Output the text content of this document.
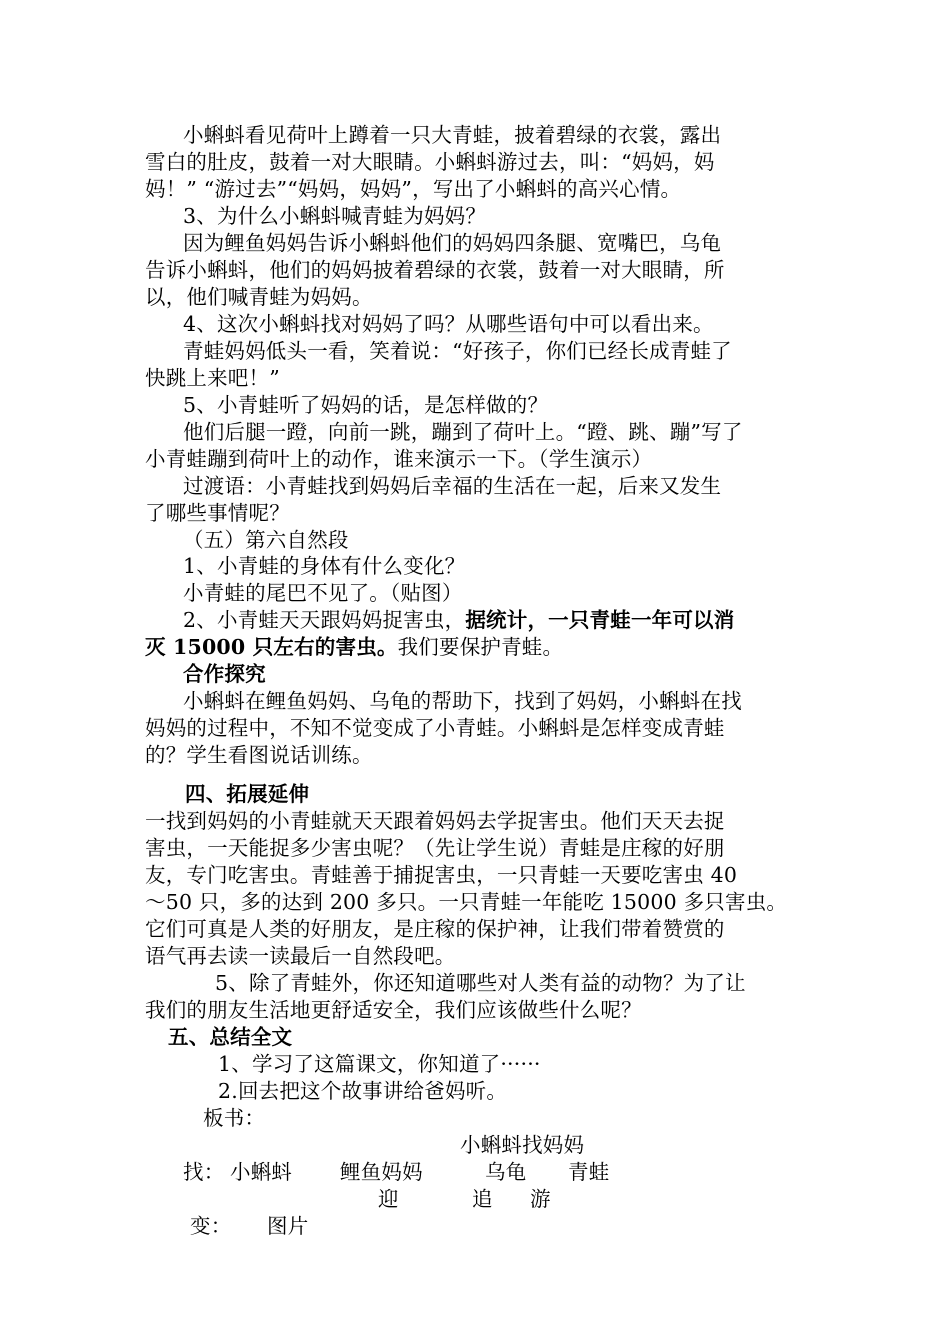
小蝌蚪看见荷叶上蹲着一只大青蛙，披着碧绿的衣裳，露出
雪白的肚皮，鼓着一对大眼睛。小蝌蚪游过去，叫：“妈妈，妈
妈！” “游过去”“妈妈，妈妈”，写出了小蝌蚪的高兴心情。
3、为什么小蝌蚪喊青蛙为妈妈？
因为鲤鱼妈妈告诉小蝌蚪他们的妈妈四条腿、宽嘴巴，乌龟
告诉小蝌蚪，他们的妈妈披着碧绿的衣裳，鼓着一对大眼睛，所
以，他们喊青蛙为妈妈。
4、这次小蝌蚪找对妈妈了吗？从哪些语句中可以看出来。
青蛙妈妈低头一看，笑着说：“好孩子，你们已经长成青蛙了
快跳上来吧！”
5、小青蛙听了妈妈的话，是怎样做的？
他们后腿一蹬，向前一跳，蹦到了荷叶上。“蹬、跳、蹦”写了
小青蛙蹦到荷叶上的动作，谁来演示一下。（学生演示）
过渡语：小青蛙找到妈妈后幸福的生活在一起，后来又发生
了哪些事情呢？
（五）第六自然段
1、小青蛙的身体有什么变化？
小青蛙的尾巴不见了。（贴图）
2、小青蛙天天跟妈妈捉害虫，据统计，一只青蛙一年可以消
灭 15000 只左右的害虫。我们要保护青蛙。
合作探究
小蝌蚪在鲤鱼妈妈、乌龟的帮助下，找到了妈妈，小蝌蚪在找
妈妈的过程中，不知不觉变成了小青蛙。小蝌蚪是怎样变成青蛙
的？学生看图说话训练。
四、拓展延伸
一找到妈妈的小青蛙就天天跟着妈妈去学捉害虫。他们天天去捉
害虫，一天能捉多少害虫呢？（先让学生说）青蛙是庄稼的好朋
友，专门吃害虫。青蛙善于捕捉害虫，一只青蛙一天要吃害虫 40
～50 只，多的达到 200 多只。一只青蛙一年能吃 15000 多只害虫。
它们可真是人类的好朋友，是庄稼的保护神，让我们带着赞赏的
语气再去读一读最后一自然段吧。
5、除了青蛙外，你还知道哪些对人类有益的动物？为了让
我们的朋友生活地更舒适安全，我们应该做些什么呢？
五、总结全文
1、学习了这篇课文，你知道了······
2.回去把这个故事讲给爸妈听。
板书：
小蝌蚪找妈妈
找： 小蝌蚪 鲤鱼妈妈	乌龟 青蛙
迎	追 游
变： 图片
